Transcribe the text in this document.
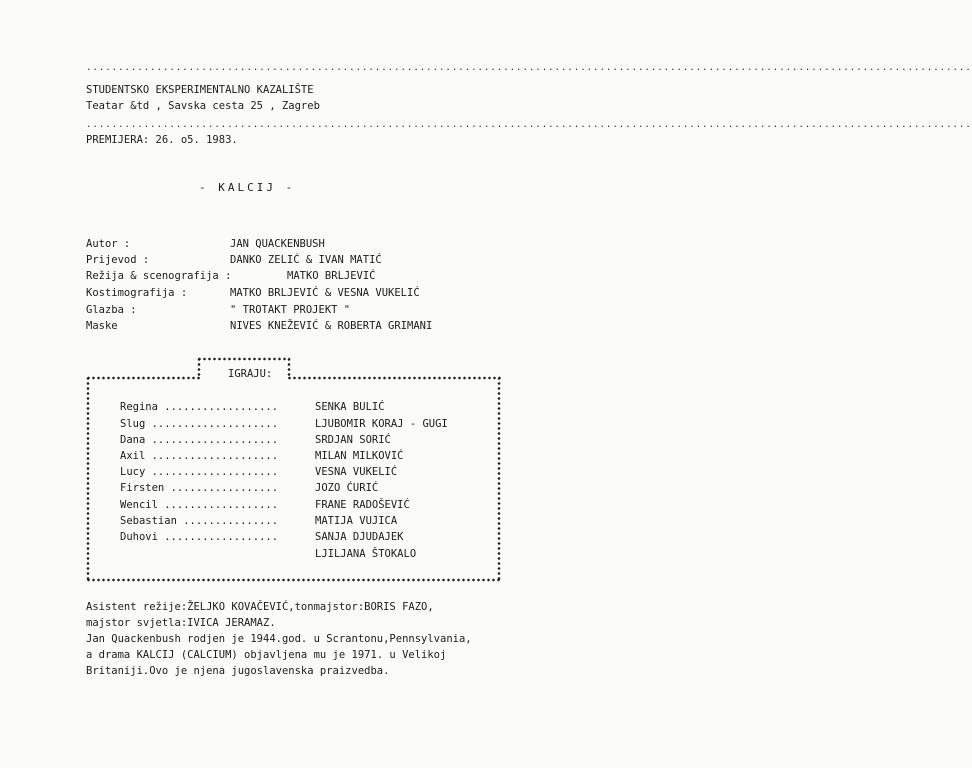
..........................................................................................................................................
STUDENTSKO EKSPERIMENTALNO KAZALIŠTE
Teatar &td , Savska cesta 25 , Zagreb
..........................................................................................................................................
PREMIJERA: 26. o5. 1983.
- KALCIJ -
Autor :	JAN QUACKENBUSH
Prijevod :	DANKO ZELIĆ & IVAN MATIĆ
Režija & scenografija :	MATKO BRLJEVIĆ
Kostimografija :	MATKO BRLJEVIĆ & VESNA VUKELIĆ
Glazba :	" TROTAKT PROJEKT "
Maske	NIVES KNEŽEVIĆ & ROBERTA GRIMANI
IGRAJU:
Regina ..................	SENKA BULIĆ
Slug ....................	LJUBOMIR KORAJ - GUGI
Dana ....................	SRDJAN SORIĆ
Axil ....................	MILAN MILKOVIĆ
Lucy ....................	VESNA VUKELIĆ
Firsten .................	JOZO ĆURIĆ
Wencil ..................	FRANE RADOŠEVIĆ
Sebastian ...............	MATIJA VUJICA
Duhovi ..................	SANJA DJUDAJEK
LJILJANA ŠTOKALO
Asistent režije:ŽELJKO KOVAČEVIĆ,tonmajstor:BORIS FAZO,
majstor svjetla:IVICA JERAMAZ.
Jan Quackenbush rodjen je 1944.god. u Scrantonu,Pennsylvania,
a drama KALCIJ (CALCIUM) objavljena mu je 1971. u Velikoj
Britaniji.Ovo je njena jugoslavenska praizvedba.
